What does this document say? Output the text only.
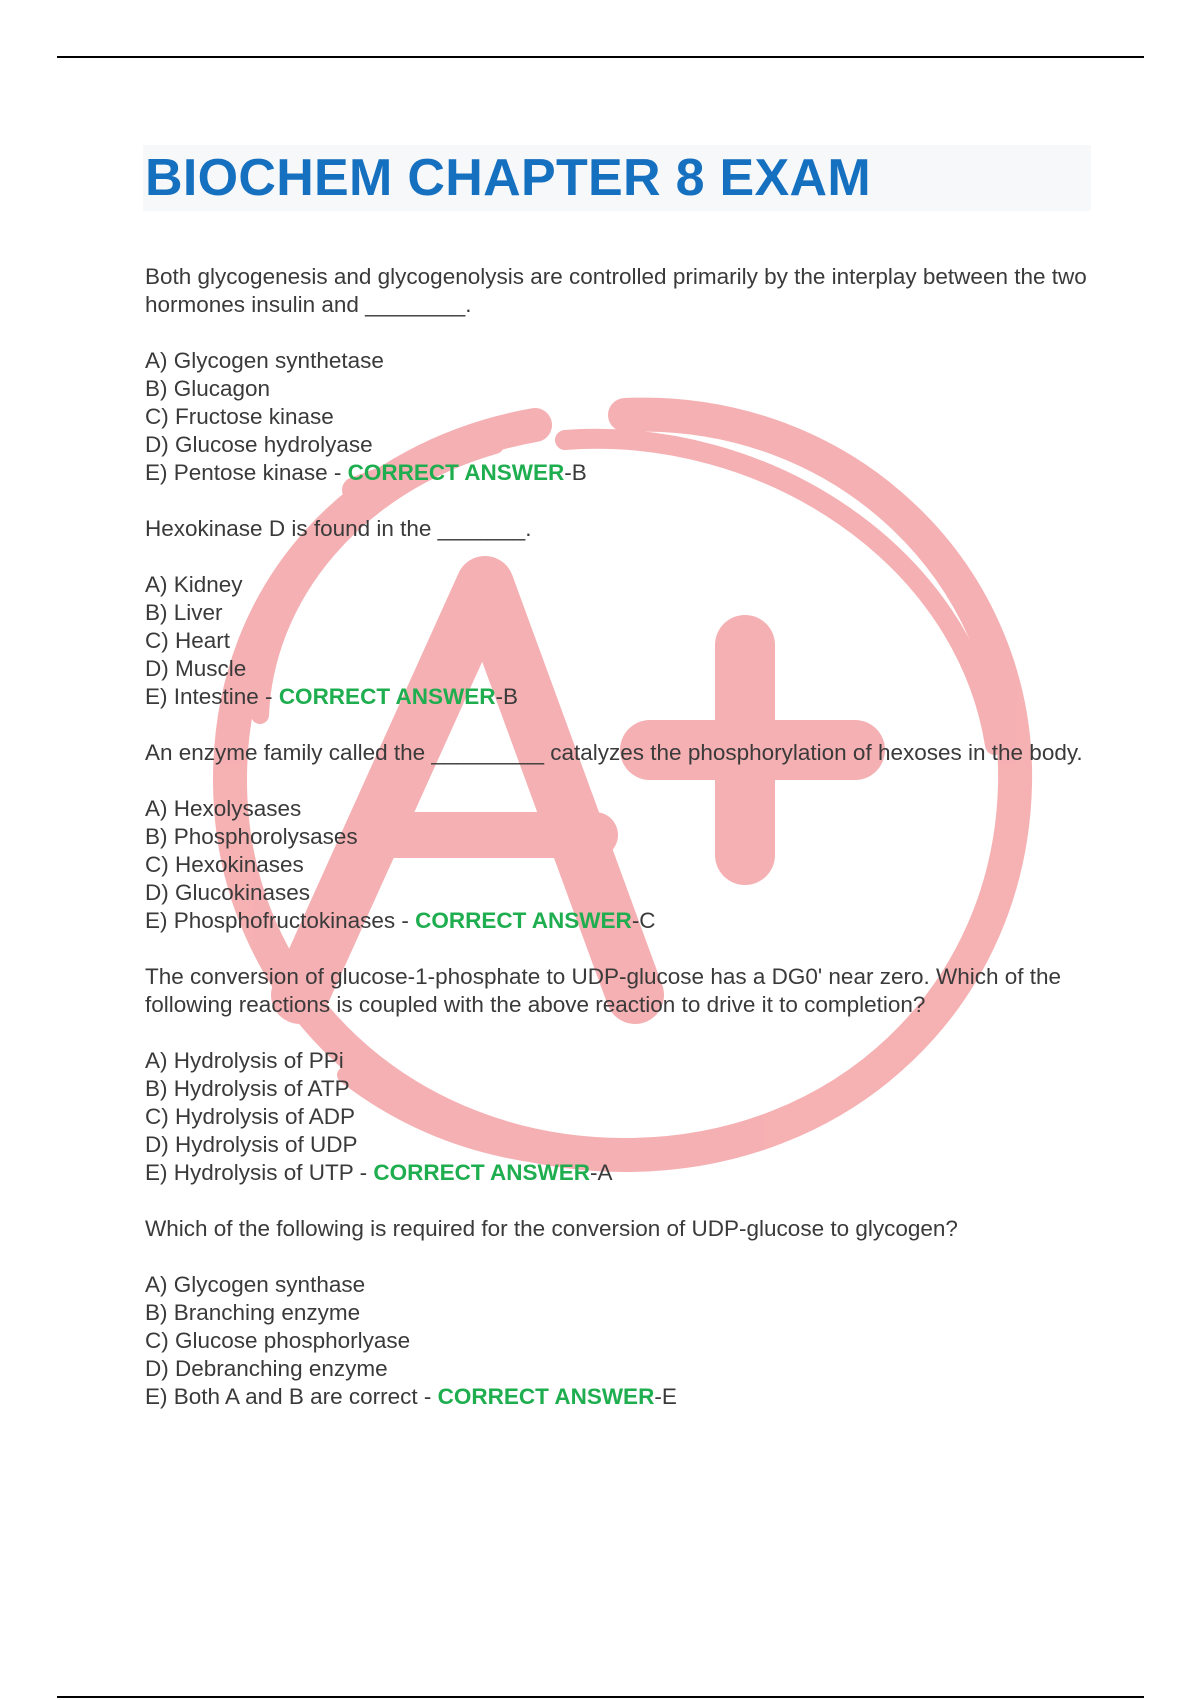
BIOCHEM CHAPTER 8 EXAM

Both glycogenesis and glycogenolysis are controlled primarily by the interplay between the two hormones insulin and ________.

A) Glycogen synthetase
B) Glucagon
C) Fructose kinase
D) Glucose hydrolyase
E) Pentose kinase - CORRECT ANSWER-B

Hexokinase D is found in the _______.

A) Kidney
B) Liver
C) Heart
D) Muscle
E) Intestine - CORRECT ANSWER-B

An enzyme family called the _________ catalyzes the phosphorylation of hexoses in the body.

A) Hexolysases
B) Phosphorolysases
C) Hexokinases
D) Glucokinases
E) Phosphofructokinases - CORRECT ANSWER-C

The conversion of glucose-1-phosphate to UDP-glucose has a DG0' near zero. Which of the following reactions is coupled with the above reaction to drive it to completion?

A) Hydrolysis of PPi
B) Hydrolysis of ATP
C) Hydrolysis of ADP
D) Hydrolysis of UDP
E) Hydrolysis of UTP - CORRECT ANSWER-A

Which of the following is required for the conversion of UDP-glucose to glycogen?

A) Glycogen synthase
B) Branching enzyme
C) Glucose phosphorlyase
D) Debranching enzyme
E) Both A and B are correct - CORRECT ANSWER-E
